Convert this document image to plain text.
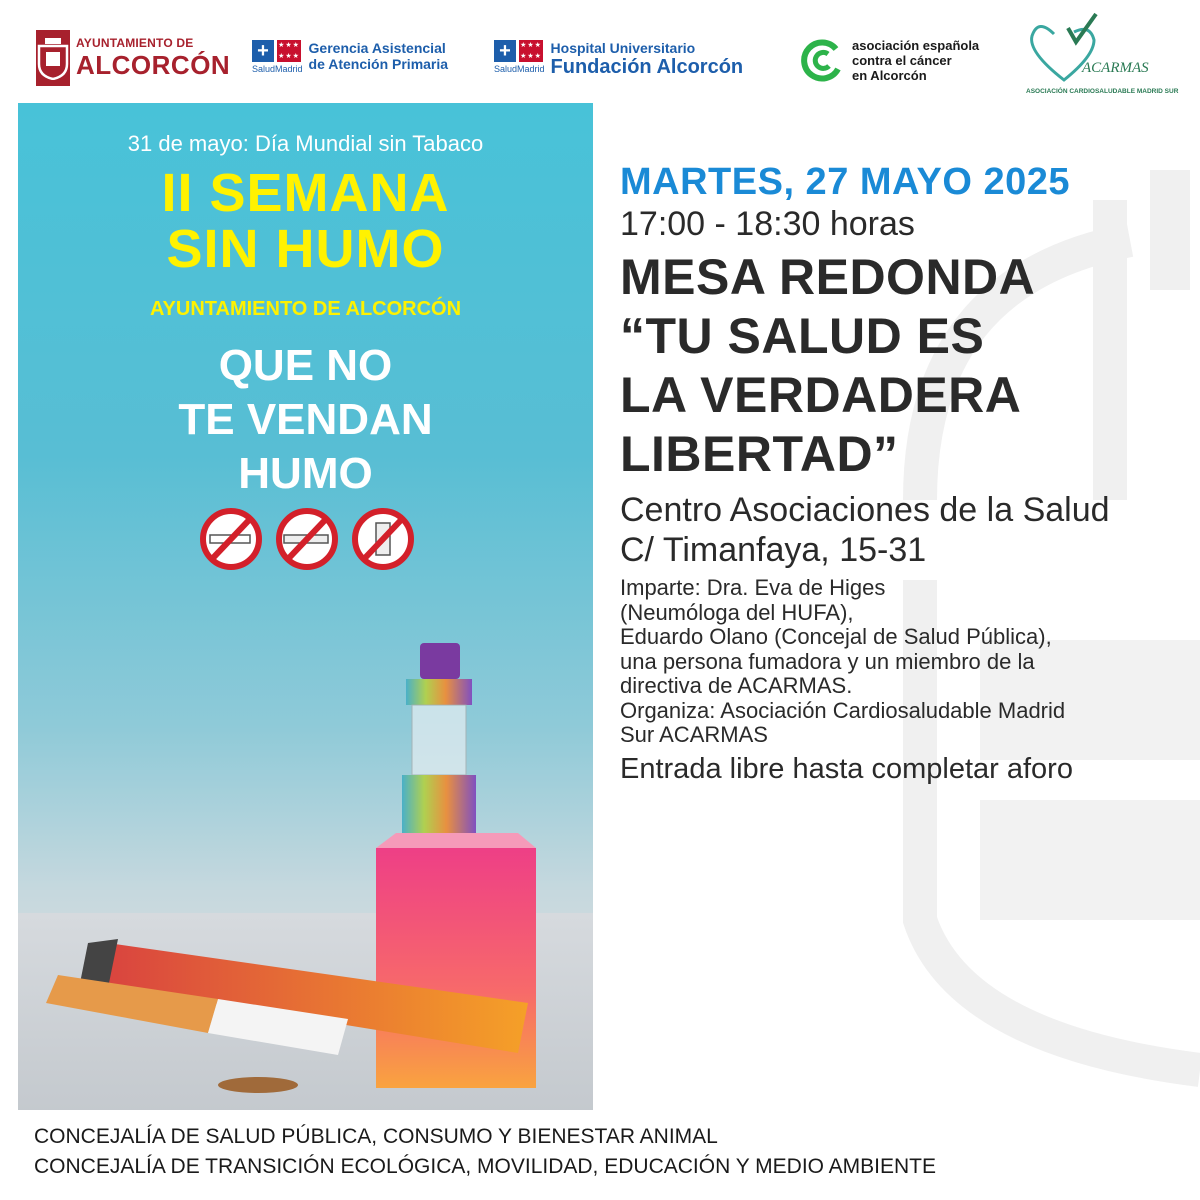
AYUNTAMIENTO DE
ALCORCÓN +	★★★
★★★
SaludMadrid
Gerencia Asistencial
de Atención Primaria
+	★★★
★★★
SaludMadrid
Hospital Universitario
Fundación Alcorcón
asociación española
contra el cáncer
en Alcorcón	ACARMAS
ASOCIACIÓN CARDIOSALUDABLE MADRID SUR
31 de mayo: Día Mundial sin Tabaco
II SEMANA
SIN HUMO
AYUNTAMIENTO DE ALCORCÓN
QUE NO
TE VENDAN
HUMO
MARTES, 27 MAYO 2025
17:00 - 18:30 horas
MESA REDONDA
“TU SALUD ES
LA VERDADERA
LIBERTAD”
Centro Asociaciones de la Salud
C/ Timanfaya, 15-31
Imparte: Dra. Eva de Higes
(Neumóloga del HUFA),
Eduardo Olano (Concejal de Salud Pública),
una persona fumadora y un miembro de la
directiva de ACARMAS.
Organiza: Asociación Cardiosaludable Madrid
Sur ACARMAS
Entrada libre hasta completar aforo
CONCEJALÍA DE SALUD PÚBLICA, CONSUMO Y BIENESTAR ANIMAL
CONCEJALÍA DE TRANSICIÓN ECOLÓGICA, MOVILIDAD, EDUCACIÓN Y MEDIO AMBIENTE
